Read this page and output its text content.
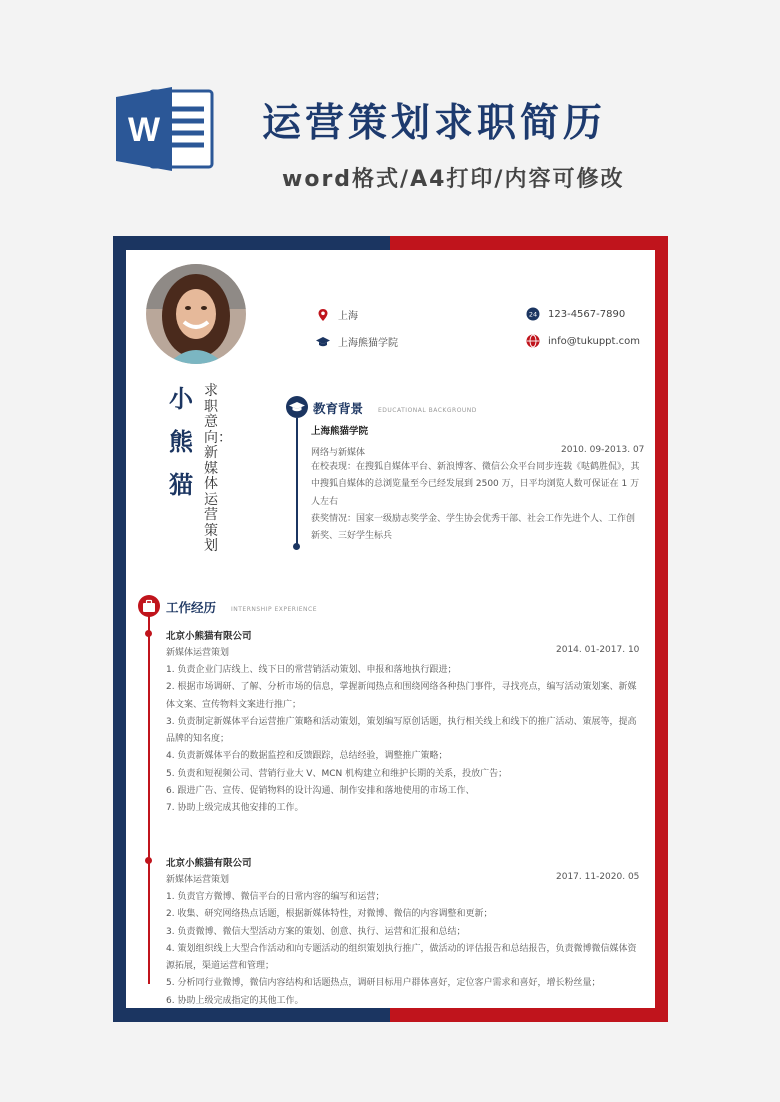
W	运营策划求职简历
word格式/A4打印/内容可修改
小熊猫
求职意向：新媒体运营策划
上海
上海熊猫学院
24 123-4567-7890
info@tukuppt.com
教育背景 EDUCATIONAL BACKGROUND
上海熊猫学院
网络与新媒体	2010. 09-2013. 07
在校表现：在搜狐自媒体平台、新浪博客、微信公众平台同步连载《哒鹤胜侃》，其中搜狐自媒体的总浏览量至今已经发展到 2500 万，日平均浏览人数可保证在 1 万人左右
获奖情况：国家一级励志奖学金、学生协会优秀干部、社会工作先进个人、工作创新奖、三好学生标兵
工作经历 INTERNSHIP EXPERIENCE
北京小熊猫有限公司
新媒体运营策划	2014. 01-2017. 10
1. 负责企业门店线上、线下日的常营销活动策划、申报和落地执行跟进；
2. 根据市场调研、了解、分析市场的信息，掌握新闻热点和围绕网络各种热门事件，寻找亮点，编写活动策划案、新媒体文案、宣传物料文案进行推广；
3. 负责制定新媒体平台运营推广策略和活动策划，策划编写原创话题，执行相关线上和线下的推广活动、策展等，提高品牌的知名度；
4. 负责新媒体平台的数据监控和反馈跟踪，总结经验，调整推广策略；
5. 负责和短视频公司、营销行业大 V、MCN 机构建立和维护长期的关系，投放广告；
6. 跟进广告、宣传、促销物料的设计沟通、制作安排和落地使用的市场工作、
7. 协助上级完成其他安排的工作。
北京小熊猫有限公司
新媒体运营策划	2017. 11-2020. 05
1. 负责官方微博、微信平台的日常内容的编写和运营；
2. 收集、研究网络热点话题，根据新媒体特性，对微博、微信的内容调整和更新；
3. 负责微博、微信大型活动方案的策划、创意、执行、运营和汇报和总结；
4. 策划组织线上大型合作活动和向专题活动的组织策划执行推广，做活动的评估报告和总结报告，负责微博微信媒体资源拓展，渠道运营和管理；
5. 分析同行业微博，微信内容结构和话题热点，调研目标用户群体喜好，定位客户需求和喜好，增长粉丝量；
6. 协助上级完成指定的其他工作。
